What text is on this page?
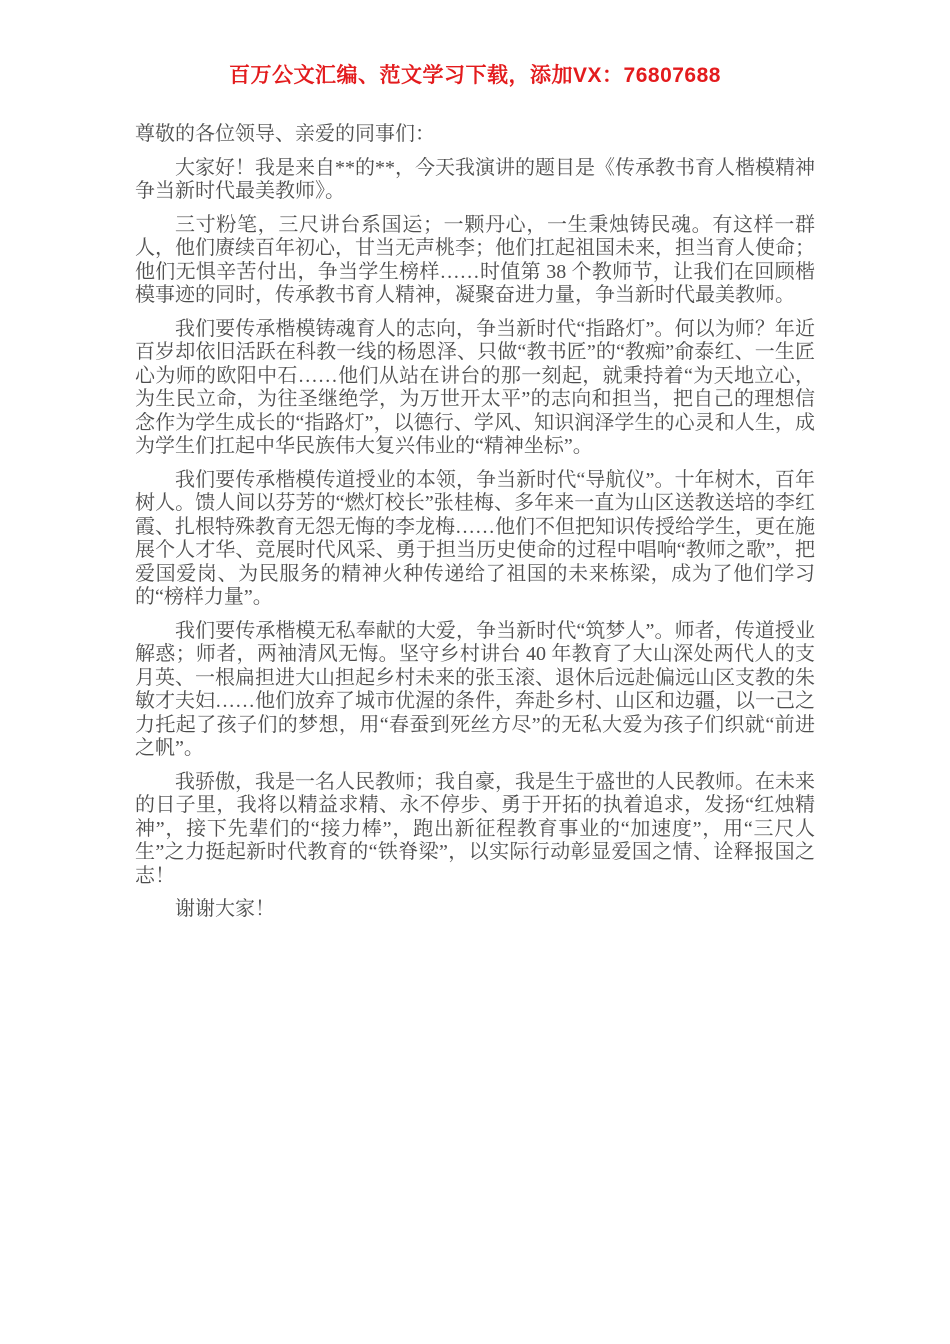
百万公文汇编、范文学习下载，添加VX：76807688

尊敬的各位领导、亲爱的同事们：

大家好！我是来自**的**，今天我演讲的题目是《传承教书育人楷模精神争当新时代最美教师》。

三寸粉笔，三尺讲台系国运；一颗丹心，一生秉烛铸民魂。有这样一群人，他们赓续百年初心，甘当无声桃李；他们扛起祖国未来，担当育人使命；他们无惧辛苦付出，争当学生榜样……时值第 38 个教师节，让我们在回顾楷模事迹的同时，传承教书育人精神，凝聚奋进力量，争当新时代最美教师。

我们要传承楷模铸魂育人的志向，争当新时代“指路灯”。何以为师？年近百岁却依旧活跃在科教一线的杨恩泽、只做“教书匠”的“教痴”俞泰红、一生匠心为师的欧阳中石……他们从站在讲台的那一刻起，就秉持着“为天地立心，为生民立命，为往圣继绝学，为万世开太平”的志向和担当，把自己的理想信念作为学生成长的“指路灯”，以德行、学风、知识润泽学生的心灵和人生，成为学生们扛起中华民族伟大复兴伟业的“精神坐标”。

我们要传承楷模传道授业的本领，争当新时代“导航仪”。十年树木，百年树人。馈人间以芬芳的“燃灯校长”张桂梅、多年来一直为山区送教送培的李红霞、扎根特殊教育无怨无悔的李龙梅……他们不但把知识传授给学生，更在施展个人才华、竞展时代风采、勇于担当历史使命的过程中唱响“教师之歌”，把爱国爱岗、为民服务的精神火种传递给了祖国的未来栋梁，成为了他们学习的“榜样力量”。

我们要传承楷模无私奉献的大爱，争当新时代“筑梦人”。师者，传道授业解惑；师者，两袖清风无悔。坚守乡村讲台 40 年教育了大山深处两代人的支月英、一根扁担进大山担起乡村未来的张玉滚、退休后远赴偏远山区支教的朱敏才夫妇……他们放弃了城市优渥的条件，奔赴乡村、山区和边疆，以一己之力托起了孩子们的梦想，用“春蚕到死丝方尽”的无私大爱为孩子们织就“前进之帆”。

我骄傲，我是一名人民教师；我自豪，我是生于盛世的人民教师。在未来的日子里，我将以精益求精、永不停步、勇于开拓的执着追求，发扬“红烛精神”，接下先辈们的“接力棒”，跑出新征程教育事业的“加速度”，用“三尺人生”之力挺起新时代教育的“铁脊梁”，以实际行动彰显爱国之情、诠释报国之志！

谢谢大家！
